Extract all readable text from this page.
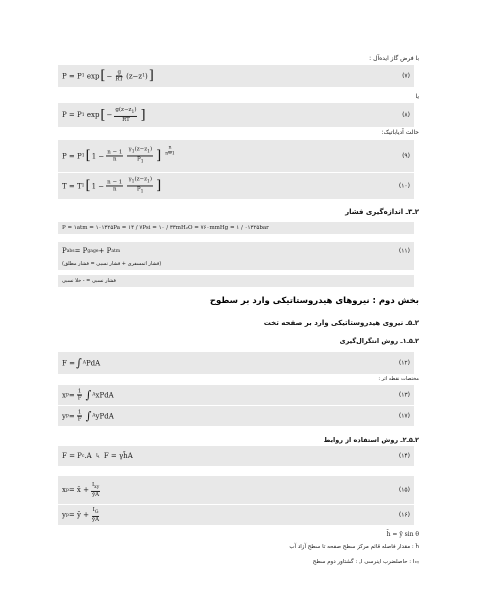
با فرض گاز ایده‌آل :
P = P 1 exp [ − $\frac{g}{RT} (z-z$ 1 ) ]	(۷)
یا
P = P 1 exp [ − $\frac{g(z-z_1)}{RT}$ ]	(۸)
حالت آدیاباتیک:
P = P 1 [ $1 - \frac{n - 1}{n} \frac{\gamma_1(z-z_1)}{P_1}$ ] $\frac{n}{n-1}$	(۹)
T = T 1 [ $1 - \frac{n - 1}{n} \frac{\gamma_1(z-z_1)}{P_1}$ ]	(۱۰)
۲ـ۳ـ اندازه‌گیری فشار
P = ۱atm = ۱۰۱۳۲۵Pa = ۱۴ / ۷Psi = ۱۰ / ۳۳mH₂O = ۷۶۰mmHg = ۱ / ۰۱۳۲۵bar
P abs = P gage + P atm	(۱۱)
(فشار اتمسفری + فشار نسبی = فشار مطلق)
فشار نسبی = - خلا نسبی
بخش دوم : نیروهای هیدروستاتیکی وارد بر سطوح
۲ـ۵ـ نیروی هیدروستاتیکی وارد بر صفحه تخت
۲ـ۵ـ۱ـ روش انتگرال‌گیری
F = ∫ A PdA	(۱۲)
مختصات نقطه اثر :
x $p = \frac{1}{F}$ ∫ A xPdA	(۱۳)
y $p = \frac{1}{F}$ ∫ A yPdA	(۱۷)
۲ـ۵ـ۲ـ روش استفاده از روابط
F = P c .A یا F = γh̄A	(۱۴)
x p = x̄ + $\frac{I_{xy}}{ȳA}$	(۱۵)
y p = ȳ + $\frac{I_G}{ȳA}$	(۱۶)
h̄ = ȳ sin θ
h̄ : مقدار فاصله قائم مرکز سطح صفحه تا سطح آزاد آب
Iₓᵧ : حاصلضرب اینرسی I꜀ : گشتاور دوم سطح
